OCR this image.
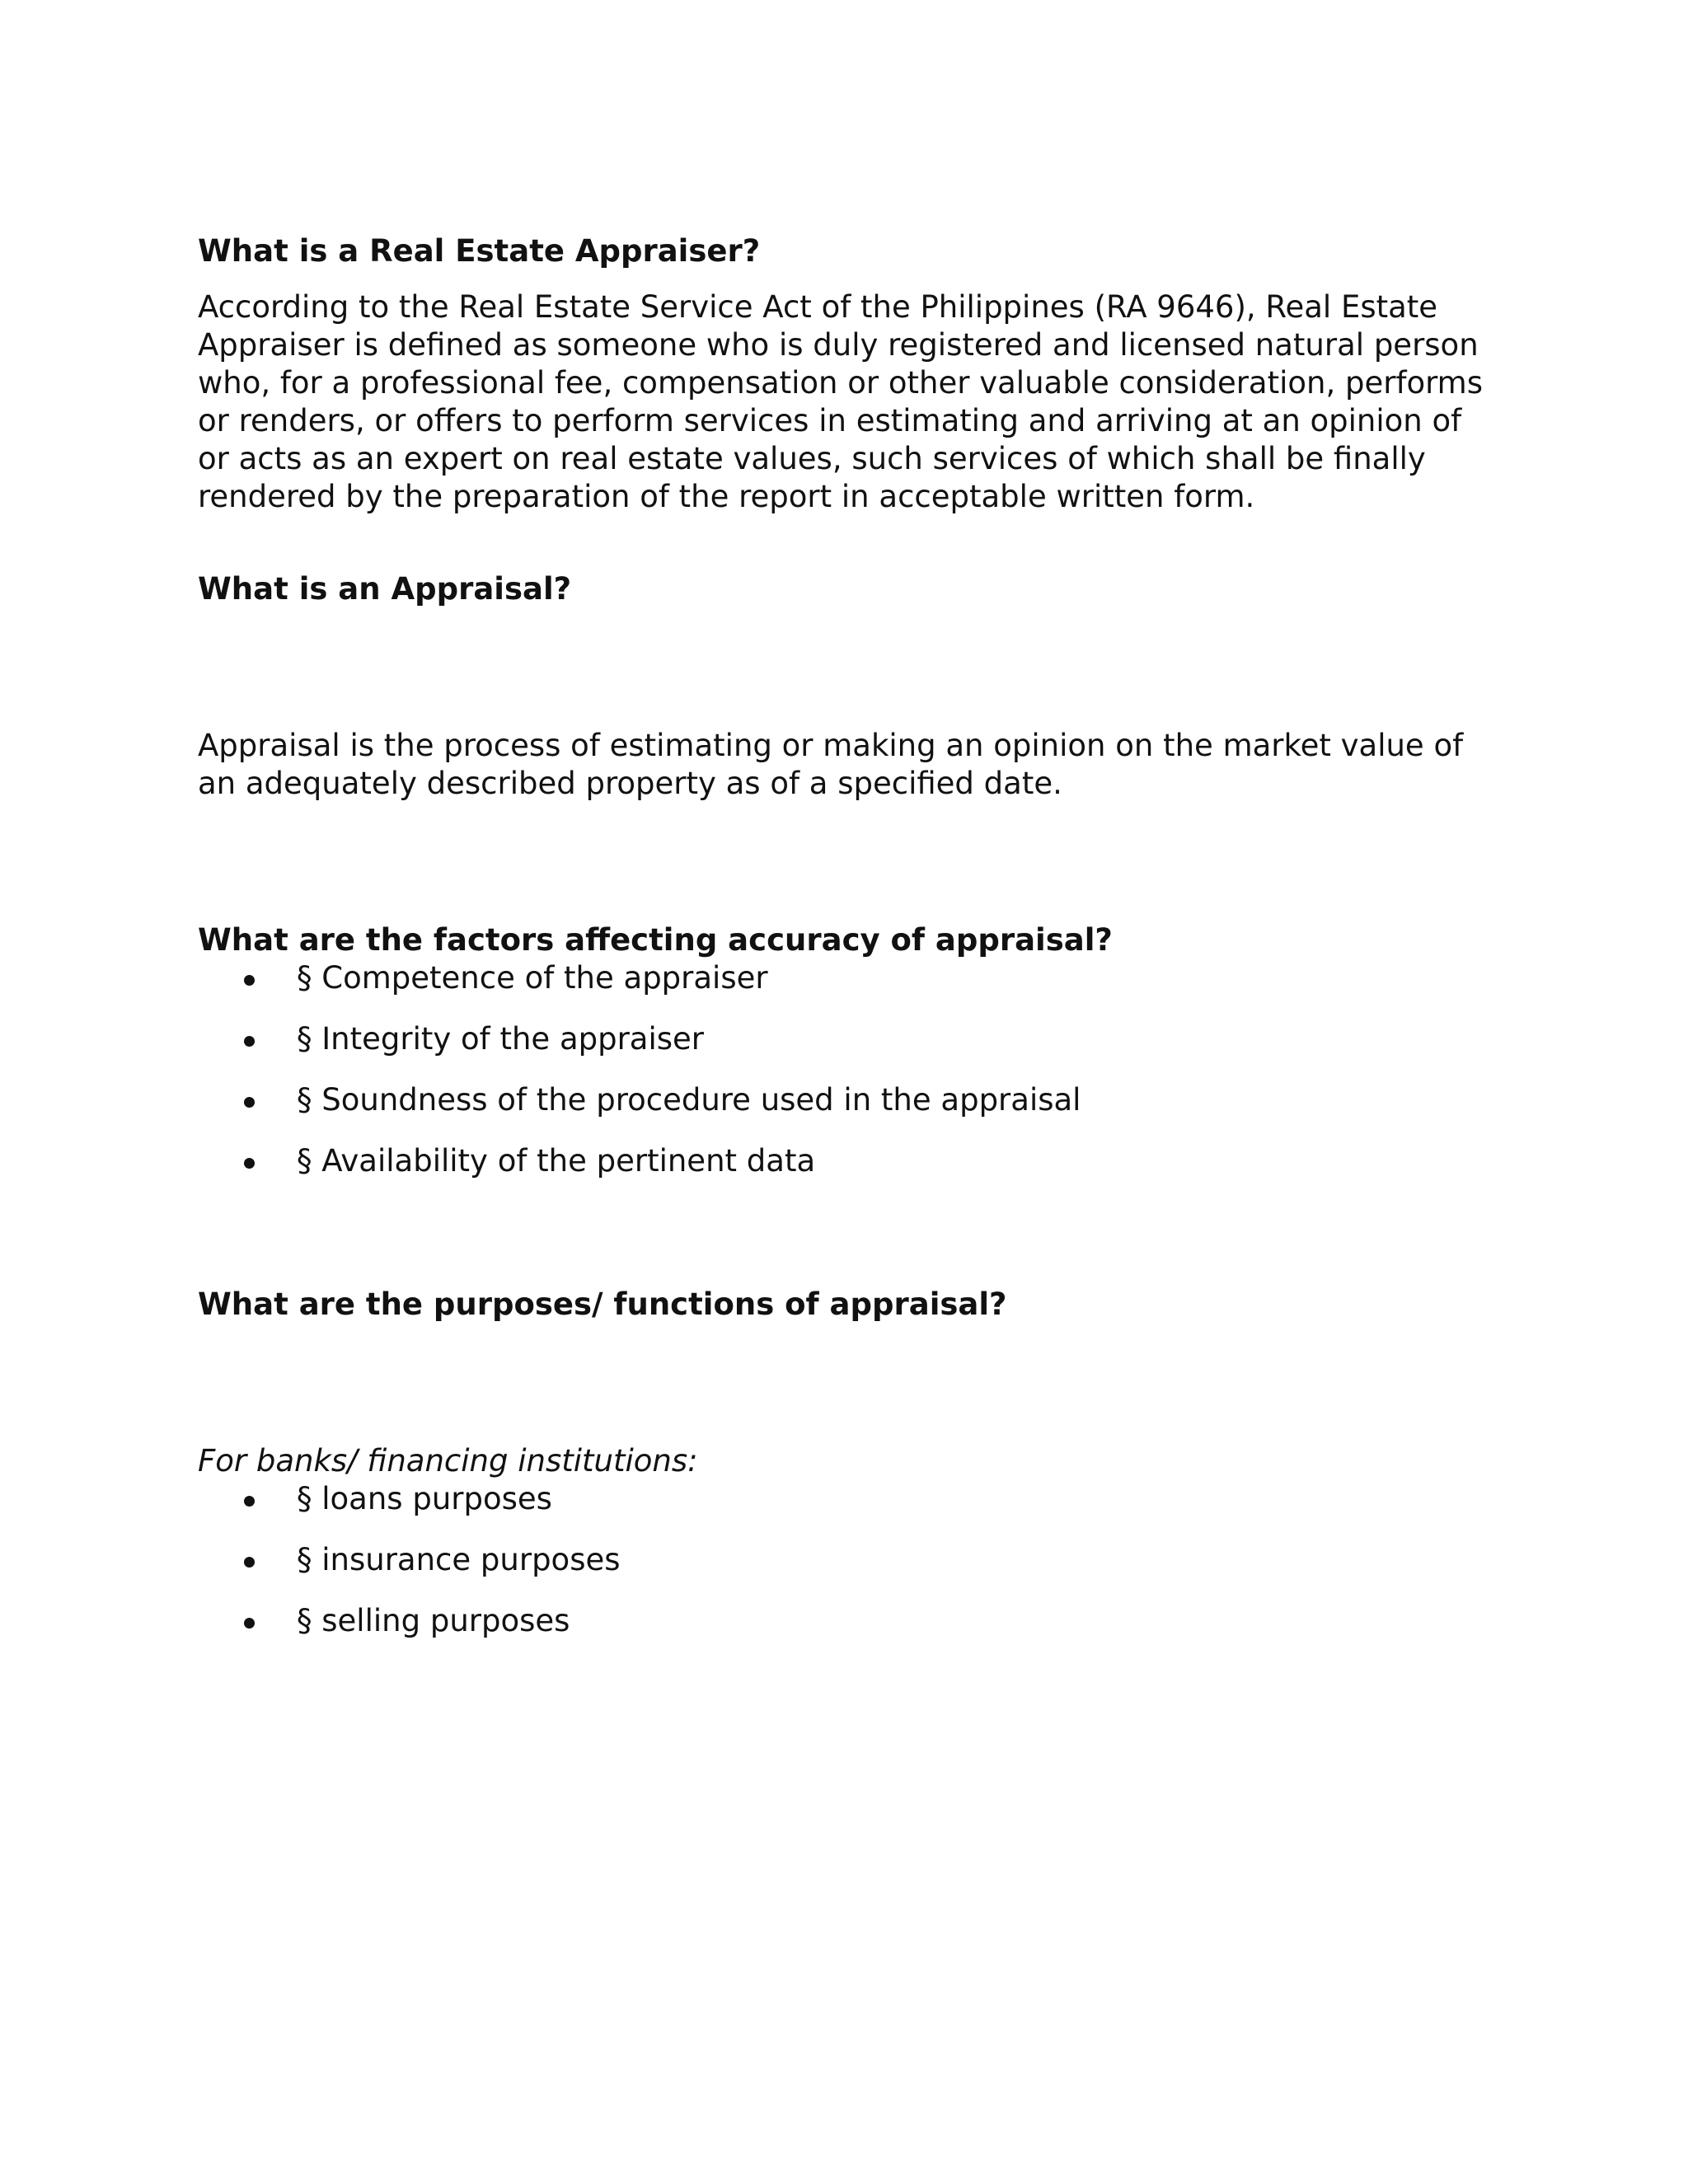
What is a Real Estate Appraiser?

According to the Real Estate Service Act of the Philippines (RA 9646), Real Estate Appraiser is defined as someone who is duly registered and licensed natural person who, for a professional fee, compensation or other valuable consideration, performs or renders, or offers to perform services in estimating and arriving at an opinion of or acts as an expert on real estate values, such services of which shall be finally rendered by the preparation of the report in acceptable written form.

What is an Appraisal?

Appraisal is the process of estimating or making an opinion on the market value of an adequately described property as of a specified date.

What are the factors affecting accuracy of appraisal?

§ Competence of the appraiser
§ Integrity of the appraiser
§ Soundness of the procedure used in the appraisal
§ Availability of the pertinent data

What are the purposes/ functions of appraisal?

For banks/ financing institutions:

§ loans purposes
§ insurance purposes
§ selling purposes
